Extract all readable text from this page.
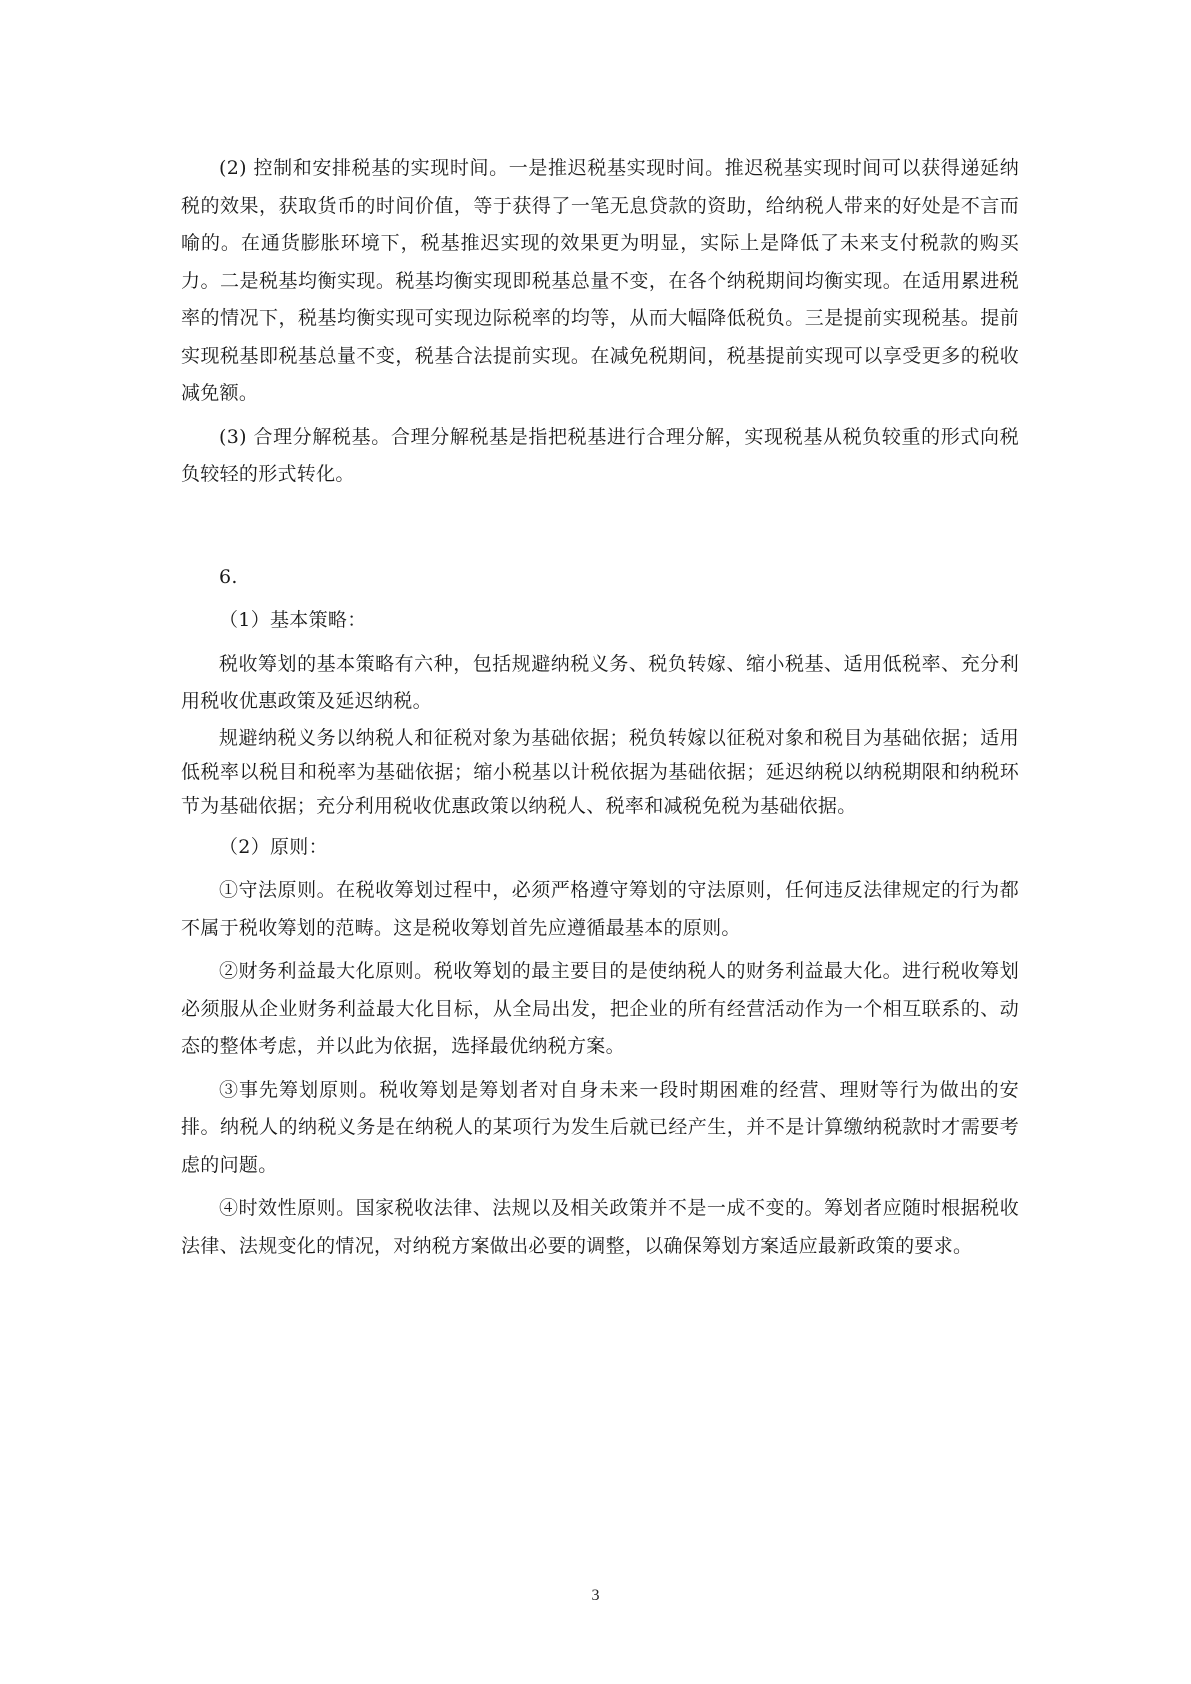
(2) 控制和安排税基的实现时间。一是推迟税基实现时间。推迟税基实现时间可以获得递延纳税的效果，获取货币的时间价值，等于获得了一笔无息贷款的资助，给纳税人带来的好处是不言而喻的。在通货膨胀环境下，税基推迟实现的效果更为明显，实际上是降低了未来支付税款的购买力。二是税基均衡实现。税基均衡实现即税基总量不变，在各个纳税期间均衡实现。在适用累进税率的情况下，税基均衡实现可实现边际税率的均等，从而大幅降低税负。三是提前实现税基。提前实现税基即税基总量不变，税基合法提前实现。在减免税期间，税基提前实现可以享受更多的税收减免额。

(3) 合理分解税基。合理分解税基是指把税基进行合理分解，实现税基从税负较重的形式向税负较轻的形式转化。

6.

（1）基本策略：

税收筹划的基本策略有六种，包括规避纳税义务、税负转嫁、缩小税基、适用低税率、充分利用税收优惠政策及延迟纳税。

规避纳税义务以纳税人和征税对象为基础依据；税负转嫁以征税对象和税目为基础依据；适用低税率以税目和税率为基础依据；缩小税基以计税依据为基础依据；延迟纳税以纳税期限和纳税环节为基础依据；充分利用税收优惠政策以纳税人、税率和减税免税为基础依据。

（2）原则：

①守法原则。在税收筹划过程中，必须严格遵守筹划的守法原则，任何违反法律规定的行为都不属于税收筹划的范畴。这是税收筹划首先应遵循最基本的原则。

②财务利益最大化原则。税收筹划的最主要目的是使纳税人的财务利益最大化。进行税收筹划必须服从企业财务利益最大化目标，从全局出发，把企业的所有经营活动作为一个相互联系的、动态的整体考虑，并以此为依据，选择最优纳税方案。

③事先筹划原则。税收筹划是筹划者对自身未来一段时期困难的经营、理财等行为做出的安排。纳税人的纳税义务是在纳税人的某项行为发生后就已经产生，并不是计算缴纳税款时才需要考虑的问题。

④时效性原则。国家税收法律、法规以及相关政策并不是一成不变的。筹划者应随时根据税收法律、法规变化的情况，对纳税方案做出必要的调整，以确保筹划方案适应最新政策的要求。

3
